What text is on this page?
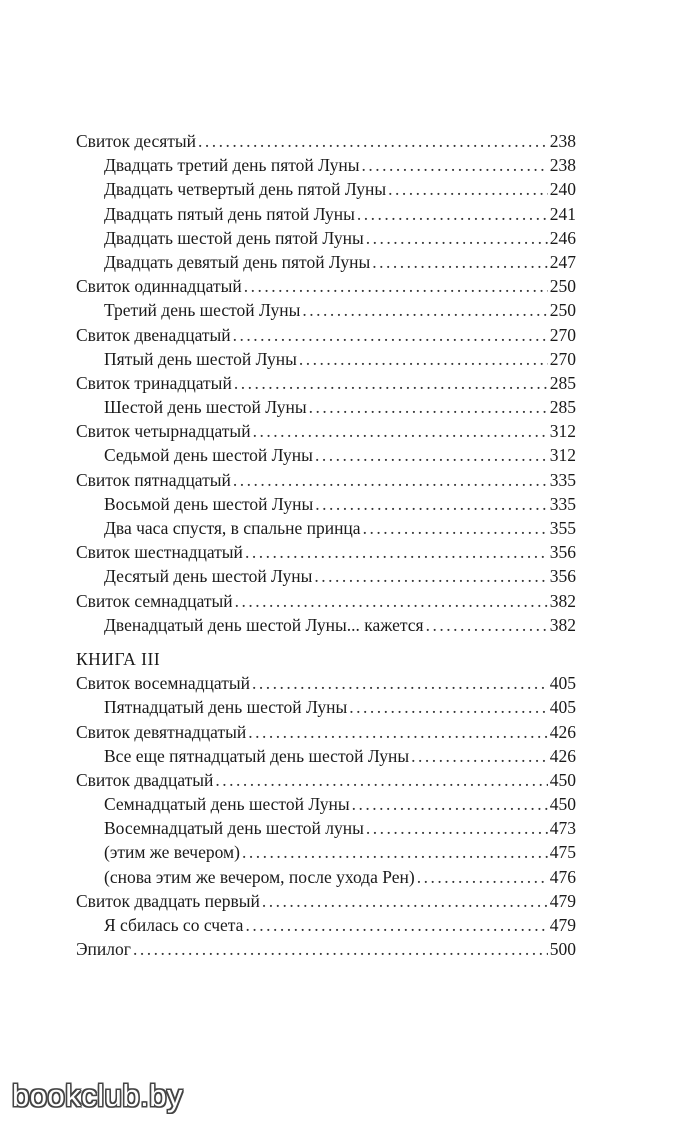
Свиток десятый .....	238
Двадцать третий день пятой Луны .....	238
Двадцать четвертый день пятой Луны .....	240
Двадцать пятый день пятой Луны .....	241
Двадцать шестой день пятой Луны .....	246
Двадцать девятый день пятой Луны .....	247
Свиток одиннадцатый .....	250
Третий день шестой Луны .....	250
Свиток двенадцатый .....	270
Пятый день шестой Луны .....	270
Свиток тринадцатый .....	285
Шестой день шестой Луны .....	285
Свиток четырнадцатый .....	312
Седьмой день шестой Луны .....	312
Свиток пятнадцатый .....	335
Восьмой день шестой Луны .....	335
Два часа спустя, в спальне принца .....	355
Свиток шестнадцатый .....	356
Десятый день шестой Луны .....	356
Свиток семнадцатый .....	382
Двенадцатый день шестой Луны... кажется .....	382
КНИГА III
Свиток восемнадцатый .....	405
Пятнадцатый день шестой Луны .....	405
Свиток девятнадцатый .....	426
Все еще пятнадцатый день шестой Луны .....	426
Свиток двадцатый .....	450
Семнадцатый день шестой Луны .....	450
Восемнадцатый день шестой луны .....	473
(этим же вечером) .....	475
(снова этим же вечером, после ухода Рен) .....	476
Свиток двадцать первый .....	479
Я сбилась со счета .....	479
Эпилог .....	500
bookclub.by
